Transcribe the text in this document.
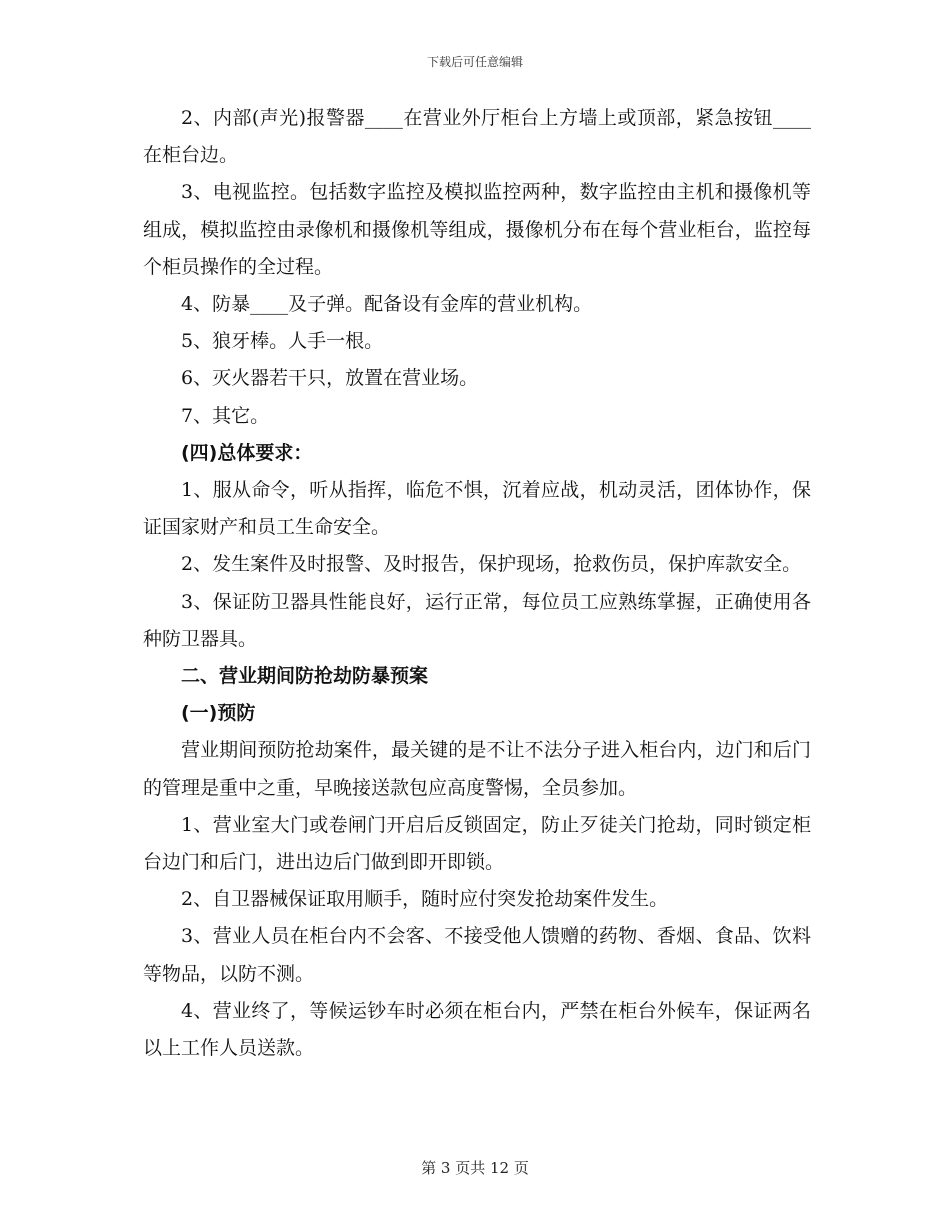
下载后可任意编辑

2、内部(声光)报警器____在营业外厅柜台上方墙上或顶部，紧急按钮____在柜台边。

3、电视监控。包括数字监控及模拟监控两种，数字监控由主机和摄像机等组成，模拟监控由录像机和摄像机等组成，摄像机分布在每个营业柜台，监控每个柜员操作的全过程。

4、防暴____及子弹。配备设有金库的营业机构。

5、狼牙棒。人手一根。

6、灭火器若干只，放置在营业场。

7、其它。

(四)总体要求：

1、服从命令，听从指挥，临危不惧，沉着应战，机动灵活，团体协作，保证国家财产和员工生命安全。

2、发生案件及时报警、及时报告，保护现场，抢救伤员，保护库款安全。

3、保证防卫器具性能良好，运行正常，每位员工应熟练掌握，正确使用各种防卫器具。

二、营业期间防抢劫防暴预案

(一)预防

营业期间预防抢劫案件，最关键的是不让不法分子进入柜台内，边门和后门的管理是重中之重，早晚接送款包应高度警惕，全员参加。

1、营业室大门或卷闸门开启后反锁固定，防止歹徒关门抢劫，同时锁定柜台边门和后门，进出边后门做到即开即锁。

2、自卫器械保证取用顺手，随时应付突发抢劫案件发生。

3、营业人员在柜台内不会客、不接受他人馈赠的药物、香烟、食品、饮料等物品，以防不测。

4、营业终了，等候运钞车时必须在柜台内，严禁在柜台外候车，保证两名以上工作人员送款。

第 3 页共 12 页
